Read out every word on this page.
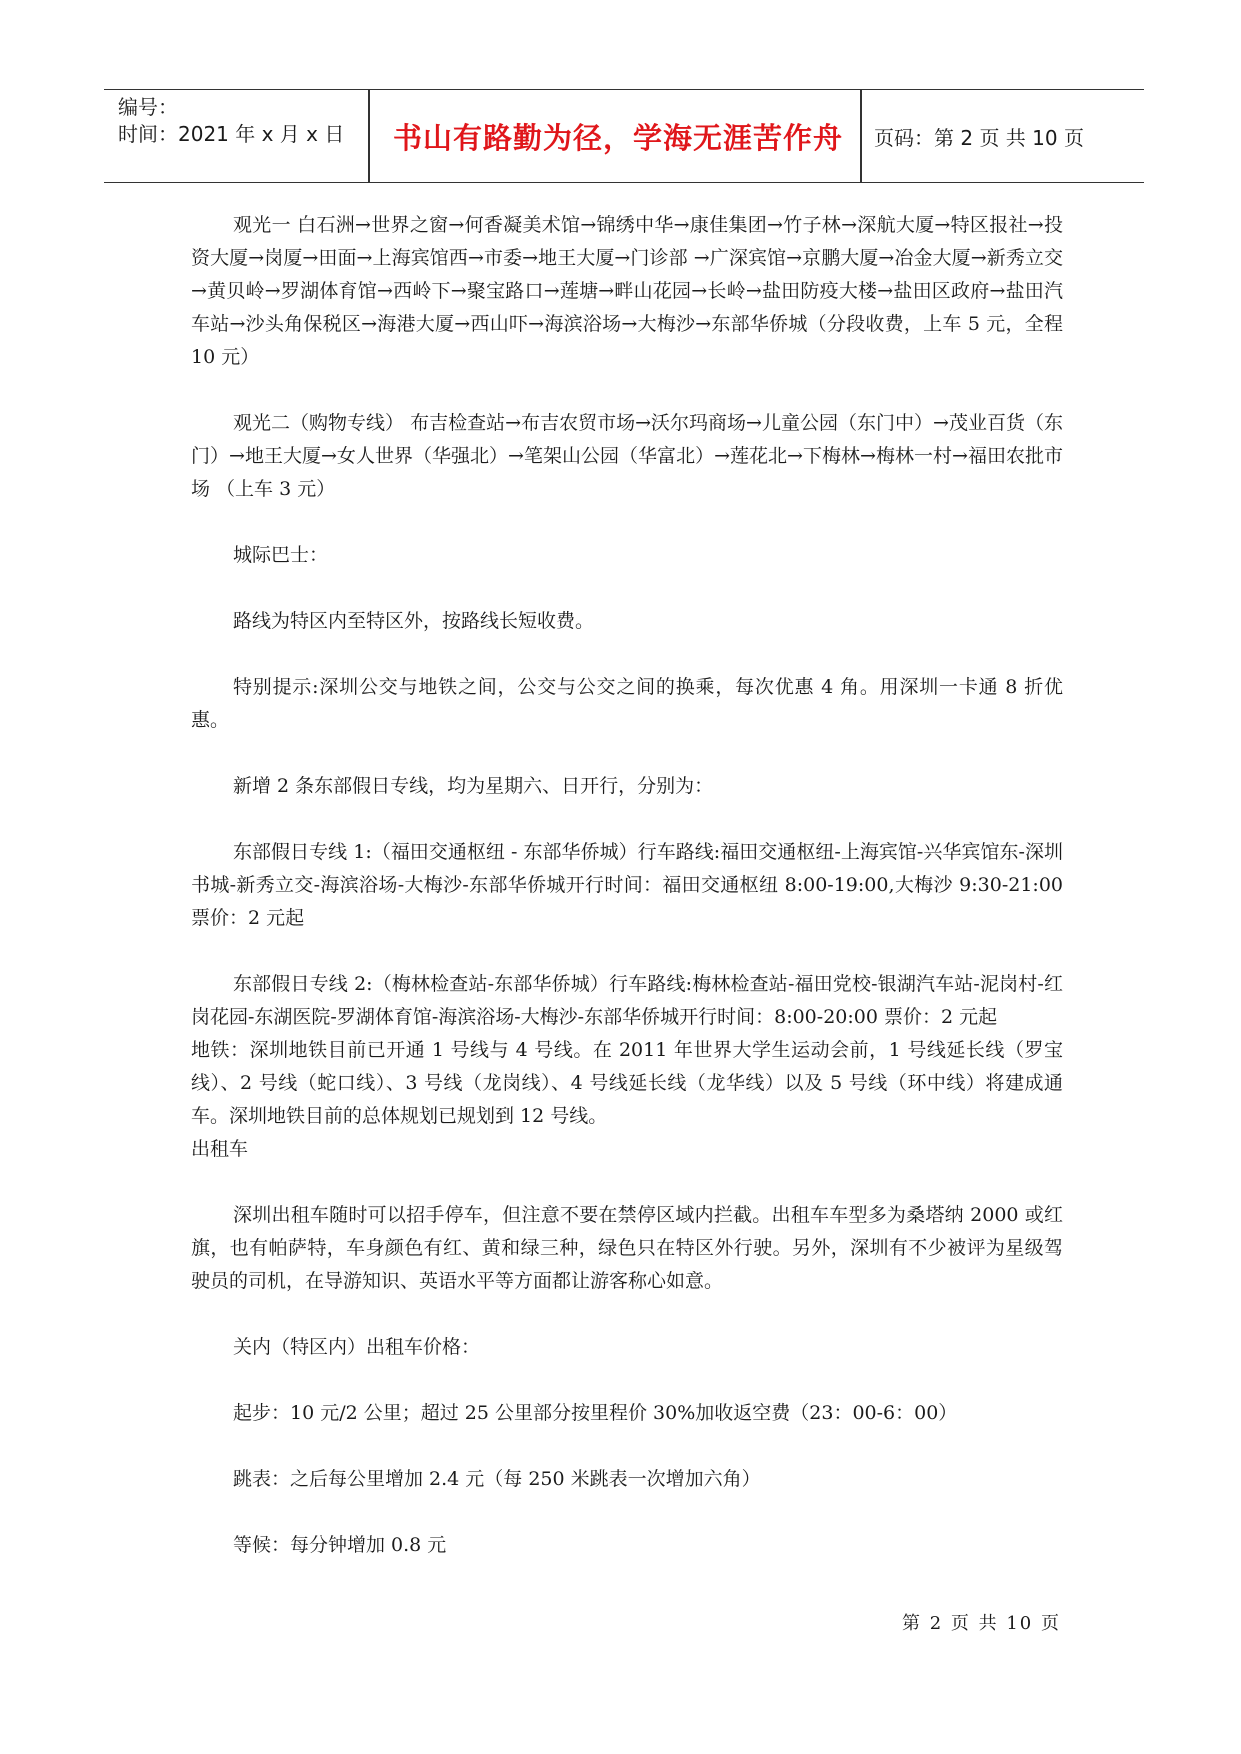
编号：
时间：2021 年 x 月 x 日	书山有路勤为径，学海无涯苦作舟	页码：第 2 页 共 10 页

观光一 白石洲→世界之窗→何香凝美术馆→锦绣中华→康佳集团→竹子林→深航大厦→特区报社→投资大厦→岗厦→田面→上海宾馆西→市委→地王大厦→门诊部 →广深宾馆→京鹏大厦→冶金大厦→新秀立交→黄贝岭→罗湖体育馆→西岭下→聚宝路口→莲塘→畔山花园→长岭→盐田防疫大楼→盐田区政府→盐田汽车站→沙头角保税区→海港大厦→西山吓→海滨浴场→大梅沙→东部华侨城（分段收费，上车 5 元，全程 10 元）

观光二（购物专线） 布吉检查站→布吉农贸市场→沃尔玛商场→儿童公园（东门中）→茂业百货（东门）→地王大厦→女人世界（华强北）→笔架山公园（华富北）→莲花北→下梅林→梅林一村→福田农批市场 （上车 3 元）

城际巴士：

路线为特区内至特区外，按路线长短收费。

特别提示:深圳公交与地铁之间，公交与公交之间的换乘，每次优惠 4 角。用深圳一卡通 8 折优惠。

新增 2 条东部假日专线，均为星期六、日开行，分别为：

东部假日专线 1:（福田交通枢纽 - 东部华侨城）行车路线:福田交通枢纽-上海宾馆-兴华宾馆东-深圳书城-新秀立交-海滨浴场-大梅沙-东部华侨城开行时间：福田交通枢纽 8:00-19:00,大梅沙 9:30-21:00 票价：2 元起

东部假日专线 2:（梅林检查站-东部华侨城）行车路线:梅林检查站-福田党校-银湖汽车站-泥岗村-红岗花园-东湖医院-罗湖体育馆-海滨浴场-大梅沙-东部华侨城开行时间：8:00-20:00 票价：2 元起

地铁：深圳地铁目前已开通 1 号线与 4 号线。在 2011 年世界大学生运动会前，1 号线延长线（罗宝线）、2 号线（蛇口线）、3 号线（龙岗线）、4 号线延长线（龙华线）以及 5 号线（环中线）将建成通车。深圳地铁目前的总体规划已规划到 12 号线。

出租车

深圳出租车随时可以招手停车，但注意不要在禁停区域内拦截。出租车车型多为桑塔纳 2000 或红旗，也有帕萨特，车身颜色有红、黄和绿三种，绿色只在特区外行驶。另外，深圳有不少被评为星级驾驶员的司机，在导游知识、英语水平等方面都让游客称心如意。

关内（特区内）出租车价格：

起步：10 元/2 公里；超过 25 公里部分按里程价 30%加收返空费（23：00-6：00）

跳表：之后每公里增加 2.4 元（每 250 米跳表一次增加六角）

等候：每分钟增加 0.8 元

第 2 页 共 10 页
